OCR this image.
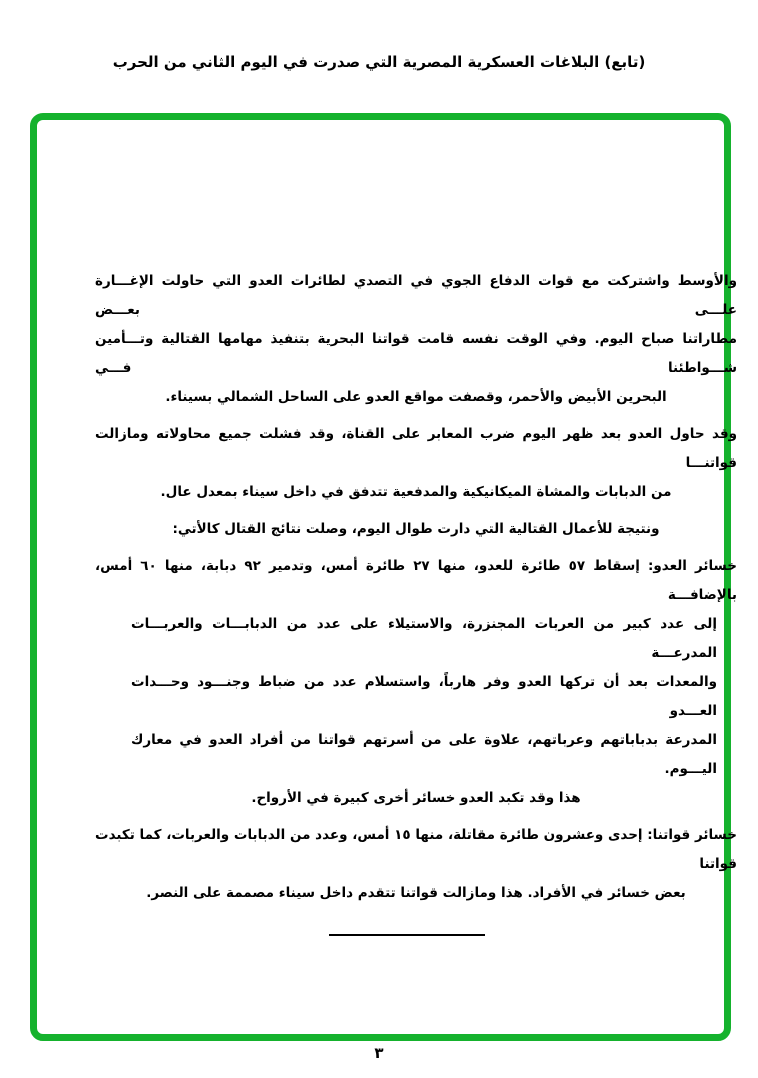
(تابع) البلاغات العسكرية المصرية التي صدرت في اليوم الثاني من الحرب
والأوسط واشتركت مع قوات الدفاع الجوي في التصدي لطائرات العدو التي حاولت الإغـــارة علـــى بعـــض
مطاراتنا صباح اليوم. وفي الوقت نفسه قامت قواتنا البحرية بتنفيذ مهامها القتالية وتـــأمين شـــواطئنا فـــي
البحرين الأبيض والأحمر، وقصفت مواقع العدو على الساحل الشمالي بسيناء.
وقد حاول العدو بعد ظهر اليوم ضرب المعابر على القناة، وقد فشلت جميع محاولاته ومازالت قواتنـــا
من الدبابات والمشاة الميكانيكية والمدفعية تتدفق في داخل سيناء بمعدل عال.
ونتيجة للأعمال القتالية التي دارت طوال اليوم، وصلت نتائج القتال كالأتي:
خسائر العدو: إسقاط ٥٧ طائرة للعدو، منها ٢٧ طائرة أمس، وتدمير ٩٢ دبابة، منها ٦٠ أمس، بالإضافـــة
إلى عدد كبير من العربات المجنزرة، والاستيلاء على عدد من الدبابـــات والعربـــات المدرعـــة
والمعدات بعد أن تركها العدو وفر هارباً، واستسلام عدد من ضباط وجنـــود وحـــدات العـــدو
المدرعة بدباباتهم وعرباتهم، علاوة على من أسرتهم قواتنا من أفراد العدو في معارك اليـــوم.
هذا وقد تكبد العدو خسائر أخرى كبيرة في الأرواح.
خسائر قواتنا: إحدى وعشرون طائرة مقاتلة، منها ١٥ أمس، وعدد من الدبابات والعربات، كما تكبدت قواتنا
بعض خسائر في الأفراد. هذا ومازالت قواتنا تتقدم داخل سيناء مصممة على النصر.
٣
